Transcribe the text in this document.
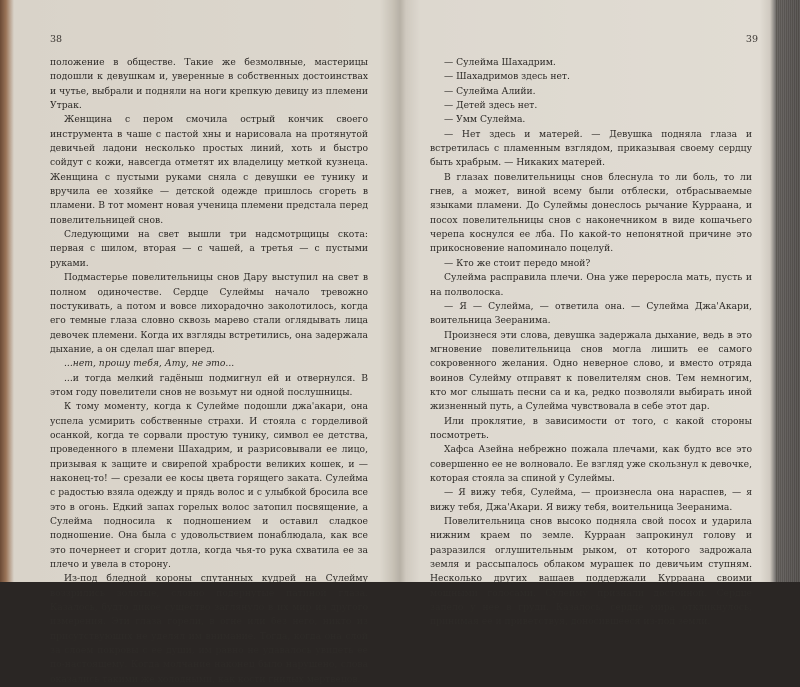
38

положение в обществе. Такие же безмолвные, мастерицы подошли к девушкам и, уверенные в собственных достоинствах и чутье, выбрали и подняли на ноги крепкую девицу из племени Утрак.

Женщина с пером смочила острый кончик своего инструмента в чаше с пастой хны и нарисовала на протянутой девичьей ладони несколько простых линий, хоть и быстро сойдут с кожи, навсегда отметят их владелицу меткой кузнеца. Женщина с пустыми руками сняла с девушки ее тунику и вручила ее хозяйке — детской одежде пришлось сгореть в пламени. В тот момент новая ученица племени предстала перед повелительницей снов.

Следующими на свет вышли три надсмотрщицы скота: первая с шилом, вторая — с чашей, а третья — с пустыми руками.

Подмастерье повелительницы снов Дару выступил на свет в полном одиночестве. Сердце Сулеймы начало тревожно постукивать, а потом и вовсе лихорадочно заколотилось, когда его темные глаза словно сквозь марево стали оглядывать лица девочек племени. Когда их взгляды встретились, она задержала дыхание, а он сделал шаг вперед.

...нет, прошу тебя, Ату, не это...

...и тогда мелкий гадёныш подмигнул ей и отвернулся. В этом году повелители снов не возьмут ни одной послушницы.

К тому моменту, когда к Сулейме подошли джа'акари, она успела усмирить собственные страхи. И стояла с горделивой осанкой, когда те сорвали простую тунику, символ ее детства, проведенного в племени Шахадрим, и разрисовывали ее лицо, призывая к защите и свирепой храбрости великих кошек, и — наконец-то! — срезали ее косы цвета горящего заката. Сулейма с радостью взяла одежду и прядь волос и с улыбкой бросила все это в огонь. Едкий запах горелых волос затопил посвящение, а Сулейма подносила к подношением и оставил сладкое подношение. Она была с удовольствием понаблюдала, как все это почернеет и сгорит дотла, когда чья-то рука схватила ее за плечо и увела в сторону.

Из-под бледной короны спутанных кудрей на Сулейму воззрились золотые, словно подернутые патиной глаза. Казалось, будто дикое существо заглянуло в их мир из другого измерения. Эти глаза горели, в огне или без него, никто из присутствующих не уделял им внимание. Тогда, когда она слой за слоем покровы с ее души, им равно не удавалось увидеть ее по-настоящему. Когда молчание наконец было нарушено, слова оказались такими же холодными, как кости гнилых мертвецов.

39

— Сулейма Шахадрим.

— Шахадримов здесь нет.

— Сулейма Алийи.

— Детей здесь нет.

— Умм Сулейма.

— Нет здесь и матерей. — Девушка подняла глаза и встретилась с пламенным взглядом, приказывая своему сердцу быть храбрым. — Никаких матерей.

В глазах повелительницы снов блеснула то ли боль, то ли гнев, а может, виной всему были отблески, отбрасываемые языками пламени. До Сулеймы донеслось рычание Курраана, и посох повелительницы снов с наконечником в виде кошачьего черепа коснулся ее лба. По какой-то непонятной причине это прикосновение напоминало поцелуй.

— Кто же стоит передо мной?

Сулейма расправила плечи. Она уже переросла мать, пусть и на полволоска.

— Я — Сулейма, — ответила она. — Сулейма Джа'Акари, воительница Зееранима.

Произнеся эти слова, девушка задержала дыхание, ведь в это мгновение повелительница снов могла лишить ее самого сокровенного желания. Одно неверное слово, и вместо отряда воинов Сулейму отправят к повелителям снов. Тем немногим, кто мог слышать песни са и ка, редко позволяли выбирать иной жизненный путь, а Сулейма чувствовала в себе этот дар.

Или проклятие, в зависимости от того, с какой стороны посмотреть.

Хафса Азейна небрежно пожала плечами, как будто все это совершенно ее не волновало. Ее взгляд уже скользнул к девочке, которая стояла за спиной у Сулеймы.

— Я вижу тебя, Сулейма, — произнесла она нараспев, — я вижу тебя, Джа'Акари. Я вижу тебя, воительница Зееранима.

Повелительница снов высоко подняла свой посох и ударила нижним краем по земле. Курраан запрокинул голову и разразился оглушительным рыком, от которого задрожала земля и рассыпалось облаком мурашек по девичьим ступням. Несколько других вашаев поддержали Курраана своими мощными голосами. Сулейму признали достойной. Сердце запело у нее в груди. Казалось, сердце мира откликнулось, принимая ее и приветствуя, доносившееся из-под земли.
